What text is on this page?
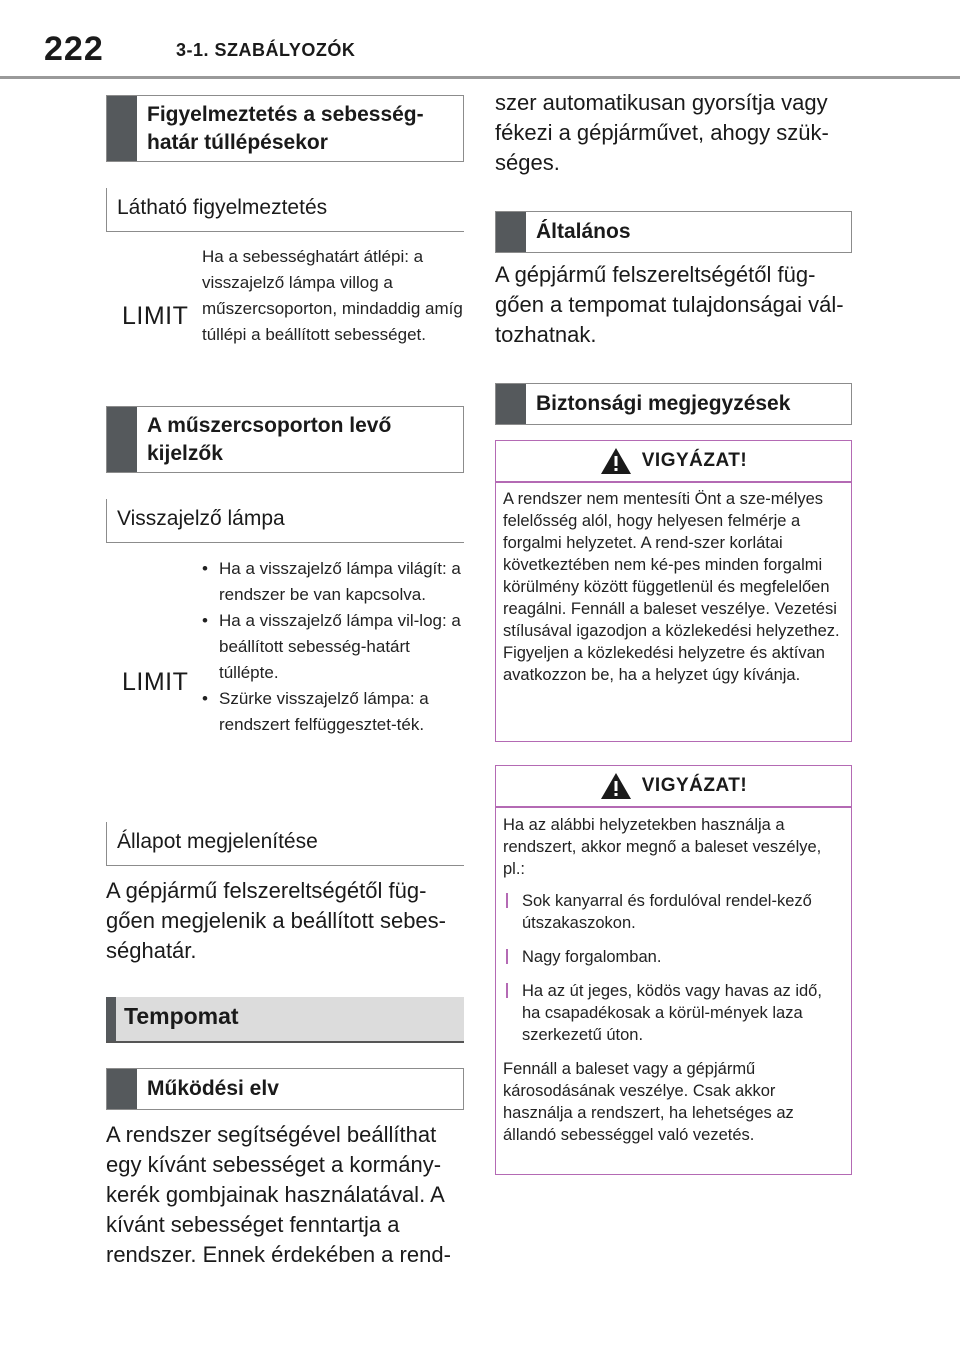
222	3-1. SZABÁLYOZÓK
Figyelmeztetés a sebesség-határ túllépésekor
Látható figyelmeztetés
LIMIT
Ha a sebességhatárt átlépi: a visszajelző lámpa villog a műszercsoporton, mindaddig amíg túllépi a beállított sebességet.
A műszercsoporton levő kijelzők
Visszajelző lámpa
LIMIT
• Ha a visszajelző lámpa világít: a rendszer be van kapcsolva.
• Ha a visszajelző lámpa vil-log: a beállított sebesség-határt túllépte.
• Szürke visszajelző lámpa: a rendszert felfüggesztet-ték.
Állapot megjelenítése
A gépjármű felszereltségétől füg-gően megjelenik a beállított sebes-séghatár.
Tempomat
Működési elv
A rendszer segítségével beállíthat egy kívánt sebességet a kormány-kerék gombjainak használatával. A kívánt sebességet fenntartja a rendszer. Ennek érdekében a rend-
szer automatikusan gyorsítja vagy fékezi a gépjárművet, ahogy szük-séges.
Általános
A gépjármű felszereltségétől füg-gően a tempomat tulajdonságai vál-tozhatnak.
Biztonsági megjegyzések
VIGYÁZAT!
A rendszer nem mentesíti Önt a sze-mélyes felelősség alól, hogy helyesen felmérje a forgalmi helyzetet. A rend-szer korlátai következtében nem ké-pes minden forgalmi körülmény között függetlenül és megfelelően reagálni. Fennáll a baleset veszélye. Vezetési stílusával igazodjon a közlekedési helyzethez. Figyeljen a közlekedési helyzetre és aktívan avatkozzon be, ha a helyzet úgy kívánja.
VIGYÁZAT!
Ha az alábbi helyzetekben használja a rendszert, akkor megnő a baleset veszélye, pl.:
Sok kanyarral és fordulóval rendel-kező útszakaszokon.
Nagy forgalomban.
Ha az út jeges, ködös vagy havas az idő, ha csapadékosak a körül-mények laza szerkezetű úton.
Fennáll a baleset vagy a gépjármű károsodásának veszélye. Csak akkor használja a rendszert, ha lehetséges az állandó sebességgel való vezetés.
